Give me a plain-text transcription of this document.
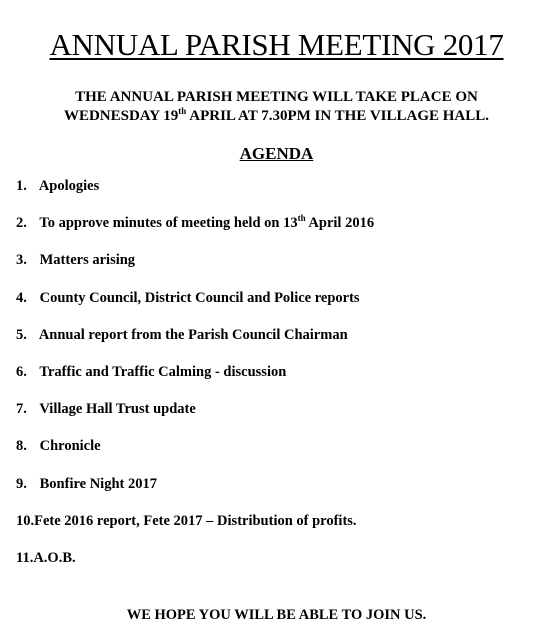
ANNUAL PARISH MEETING 2017
THE ANNUAL PARISH MEETING WILL TAKE PLACE ON
WEDNESDAY 19th APRIL AT 7.30PM IN THE VILLAGE HALL.
AGENDA
1. Apologies
2. To approve minutes of meeting held on 13th April 2016
3. Matters arising
4. County Council, District Council and Police reports
5. Annual report from the Parish Council Chairman
6. Traffic and Traffic Calming - discussion
7. Village Hall Trust update
8. Chronicle
9. Bonfire Night 2017
10.Fete 2016 report, Fete 2017 – Distribution of profits.
11.A.O.B.
WE HOPE YOU WILL BE ABLE TO JOIN US.
